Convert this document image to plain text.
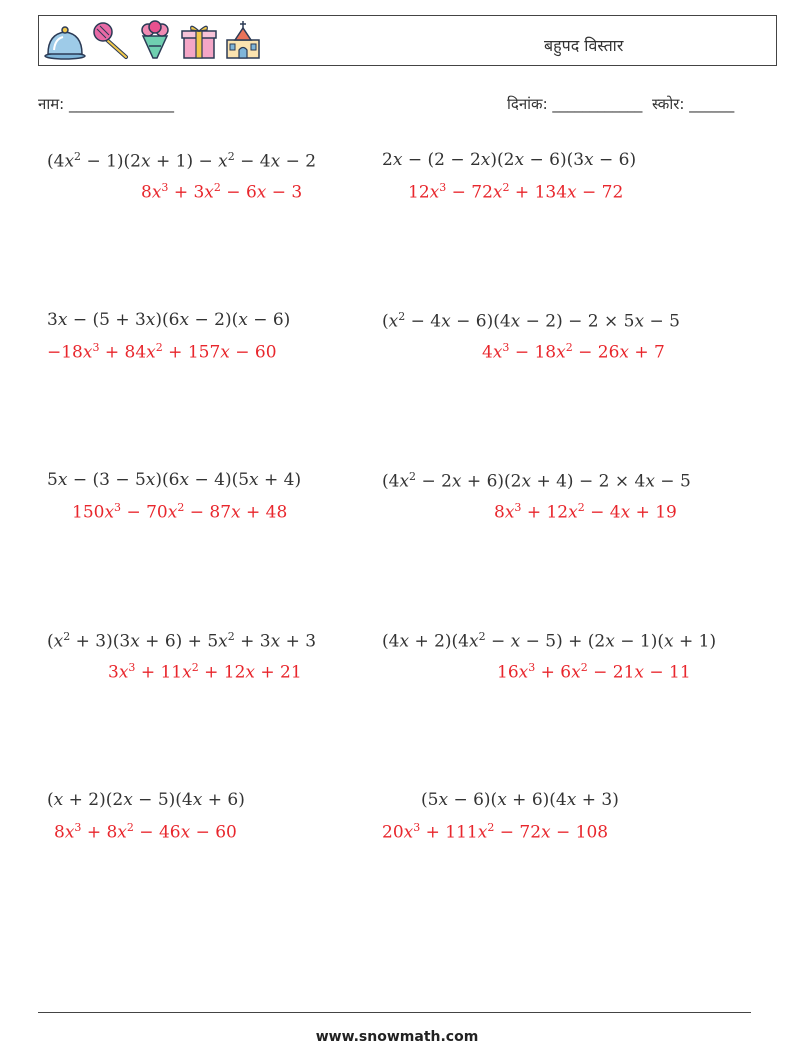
बहुपद विस्तार
नाम: ______________	दिनांक: ____________ स्कोर: ______
$(4x^2 - 1)(2x + 1) - x^2 - 4x - 2$
$8x^3 + 3x^2 - 6x - 3$
2x − (2 − 2x)(2x − 6)(3x − 6)
$12x^3 - 72x^2 + 134x - 72$
3x − (5 + 3x)(6x − 2)(x − 6)
$-18x^3 + 84x^2 + 157x - 60$
$(x^2 - 4x - 6)(4x - 2) - 2 \times 5x - 5$
$4x^3 - 18x^2 - 26x + 7$
5x − (3 − 5x)(6x − 4)(5x + 4)
$150x^3 - 70x^2 - 87x + 48$
$(4x^2 - 2x + 6)(2x + 4) - 2 \times 4x - 5$
$8x^3 + 12x^2 - 4x + 19$
$(x^2 + 3)(3x + 6) + 5x^2 + 3x + 3$
$3x^3 + 11x^2 + 12x + 21$
$(4x + 2)(4x^2 - x - 5) + (2x - 1)(x + 1)$
$16x^3 + 6x^2 - 21x - 11$
(x + 2)(2x − 5)(4x + 6)
$8x^3 + 8x^2 - 46x - 60$
(5x − 6)(x + 6)(4x + 3)
$20x^3 + 111x^2 - 72x - 108$
www.snowmath.com
